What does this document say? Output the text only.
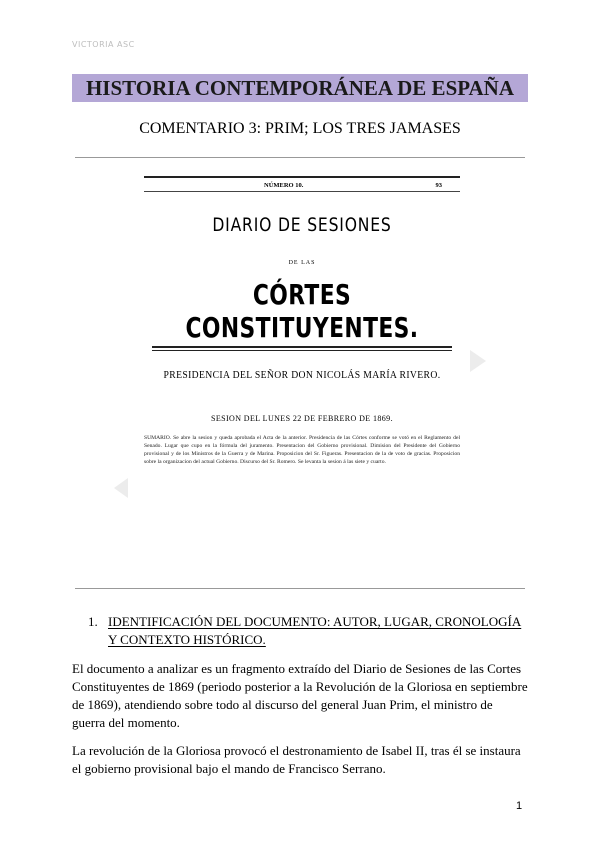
VICTORIA ASC
HISTORIA CONTEMPORÁNEA DE ESPAÑA
COMENTARIO 3: PRIM; LOS TRES JAMASES
NÚMERO 10.	93
DIARIO DE SESIONES
DE LAS
CÓRTES CONSTITUYENTES.
PRESIDENCIA DEL SEÑOR DON NICOLÁS MARÍA RIVERO.
SESION DEL LUNES 22 DE FEBRERO DE 1869.
SUMARIO. Se abre la sesion y queda aprobada el Acta de la anterior. Presidencia de las Córtes conforme se votó en el Reglamento del Senado. Lugar que cupo en la fórmula del juramento. Presentacion del Gobierno provisional. Dimision del Presidente del Gobierno provisional y de los Ministros de la Guerra y de Marina. Proposicion del Sr. Figueras. Presentacion de la de voto de gracias. Proposicion sobre la organizacion del actual Gobierno. Discurso del Sr. Romero. Se levanta la sesion á las siete y cuarto.
1. IDENTIFICACIÓN DEL DOCUMENTO: AUTOR, LUGAR, CRONOLOGÍA Y CONTEXTO HISTÓRICO.
El documento a analizar es un fragmento extraído del Diario de Sesiones de las Cortes Constituyentes de 1869 (periodo posterior a la Revolución de la Gloriosa en septiembre de 1869), atendiendo sobre todo al discurso del general Juan Prim, el ministro de guerra del momento.
La revolución de la Gloriosa provocó el destronamiento de Isabel II, tras él se instaura el gobierno provisional bajo el mando de Francisco Serrano.
1
